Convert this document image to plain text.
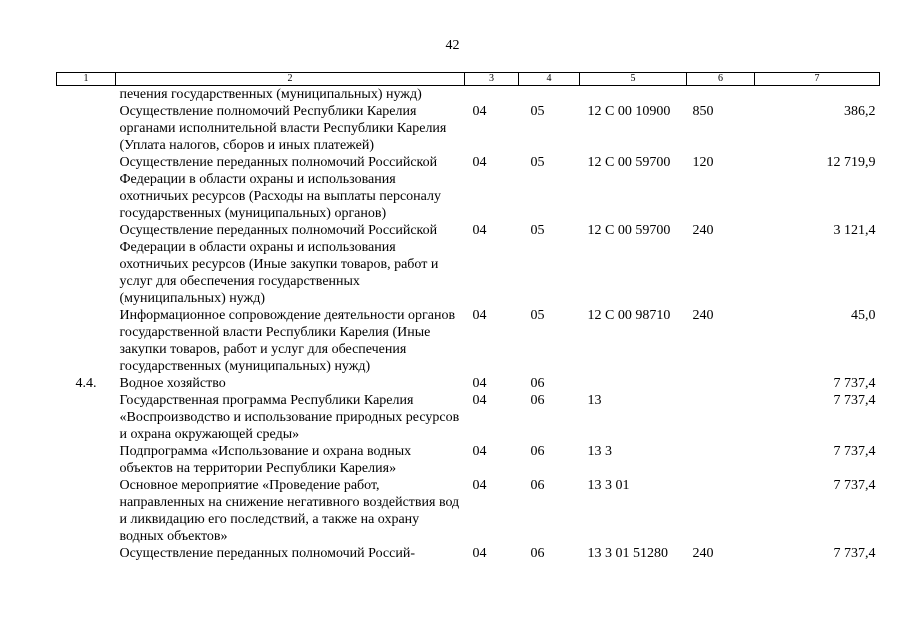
42
1	2	3	4	5	6	7
	печения государственных (муниципальных) нужд)					
	Осуществление полномочий Республики Карелия органами исполнительной власти Республики Карелия (Уплата налогов, сборов и иных платежей)	04	05	12 С 00 10900	850	386,2
	Осуществление переданных полномочий Российской Федерации в области охраны и использования охотничьих ресурсов (Расходы на выплаты персоналу государственных (муниципальных) органов)	04	05	12 С 00 59700	120	12 719,9
	Осуществление переданных полномочий Российской Федерации в области охраны и использования охотничьих ресурсов (Иные закупки товаров, работ и услуг для обеспечения государственных (муниципальных) нужд)	04	05	12 С 00 59700	240	3 121,4
	Информационное сопровождение деятельности органов государственной власти Республики Карелия (Иные закупки товаров, работ и услуг для обеспечения государственных (муниципальных) нужд)	04	05	12 С 00 98710	240	45,0
4.4.	Водное хозяйство	04	06			7 737,4
	Государственная программа Республики Карелия «Воспроизводство и использование природных ресурсов и охрана окружающей среды»	04	06	13		7 737,4
	Подпрограмма «Использование и охрана водных объектов на территории Республики Карелия»	04	06	13 3		7 737,4
	Основное мероприятие «Проведение работ, направленных на снижение негативного воздействия вод и ликвидацию его последствий, а также на охрану водных объектов»	04	06	13 3 01		7 737,4
	Осуществление переданных полномочий Россий-	04	06	13 3 01 51280	240	7 737,4
